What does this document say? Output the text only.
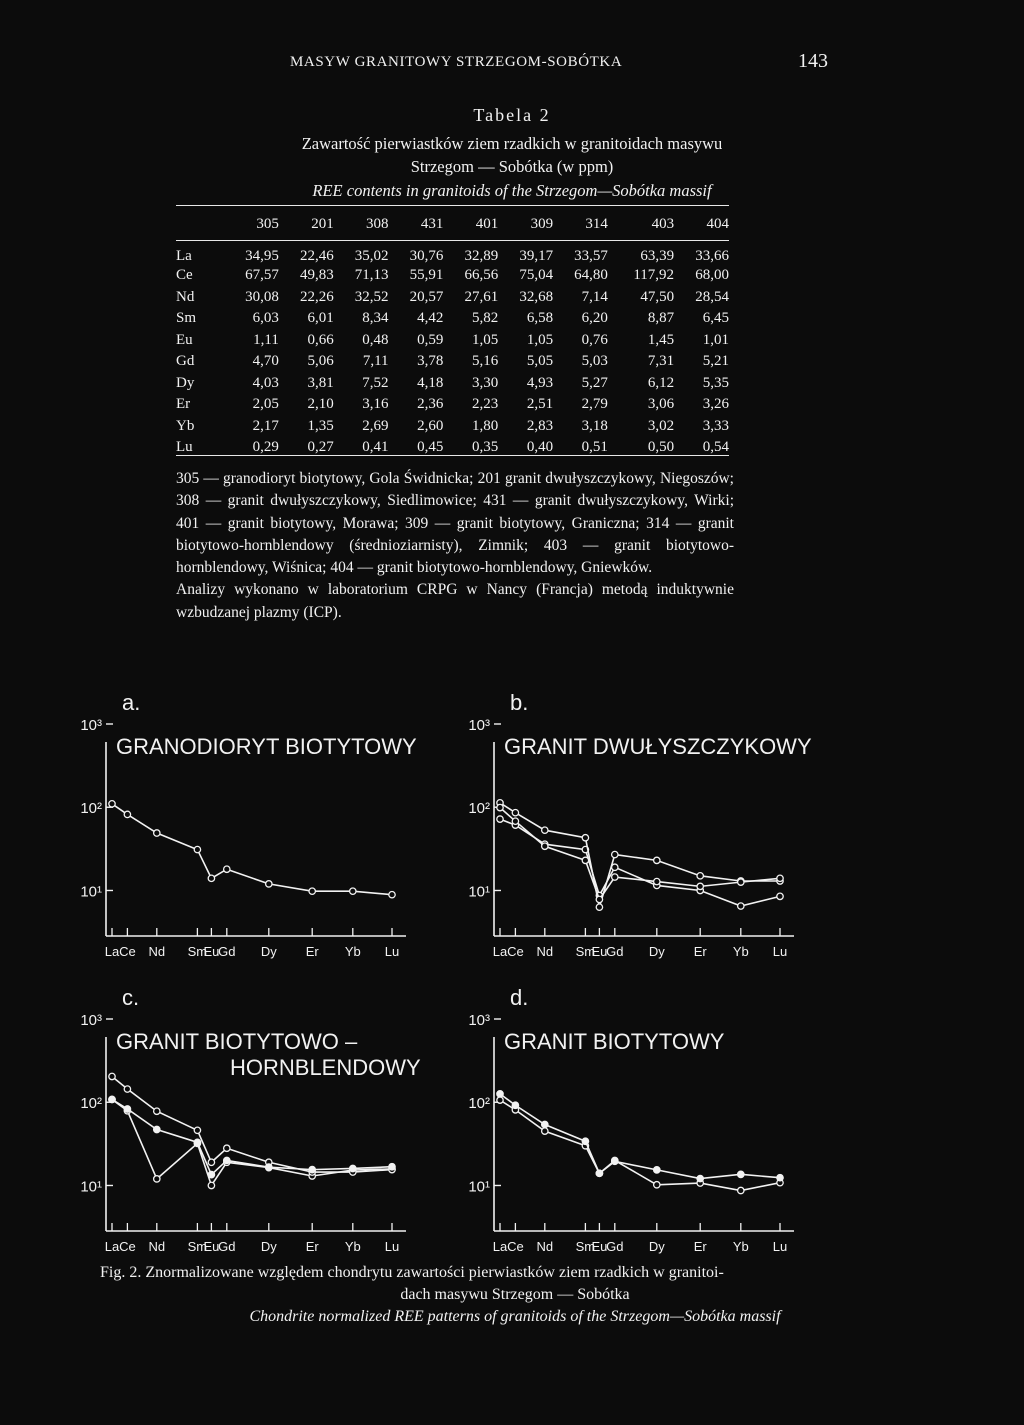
MASYW GRANITOWY STRZEGOM-SOBÓTKA	143
Tabela 2
Zawartość pierwiastków ziem rzadkich w granitoidach masywu
Strzegom — Sobótka (w ppm)
REE contents in granitoids of the Strzegom—Sobótka massif
	305	201	308	431	401	309	314	403	404
La	34,95	22,46	35,02	30,76	32,89	39,17	33,57	63,39	33,66
Ce	67,57	49,83	71,13	55,91	66,56	75,04	64,80	117,92	68,00
Nd	30,08	22,26	32,52	20,57	27,61	32,68	7,14	47,50	28,54
Sm	6,03	6,01	8,34	4,42	5,82	6,58	6,20	8,87	6,45
Eu	1,11	0,66	0,48	0,59	1,05	1,05	0,76	1,45	1,01
Gd	4,70	5,06	7,11	3,78	5,16	5,05	5,03	7,31	5,21
Dy	4,03	3,81	7,52	4,18	3,30	4,93	5,27	6,12	5,35
Er	2,05	2,10	3,16	2,36	2,23	2,51	2,79	3,06	3,26
Yb	2,17	1,35	2,69	2,60	1,80	2,83	3,18	3,02	3,33
Lu	0,29	0,27	0,41	0,45	0,35	0,40	0,51	0,50	0,54

305 — granodioryt biotytowy, Gola Świdnicka; 201 granit dwułyszczykowy, Niegoszów; 308 — granit dwułyszczykowy, Siedlimowice; 431 — granit dwułyszczykowy, Wirki; 401 — granit biotytowy, Morawa; 309 — granit biotytowy, Graniczna; 314 — granit biotytowo-hornblendowy (średnioziarnisty), Zimnik; 403 — granit biotytowo-hornblendowy, Wiśnica; 404 — granit biotytowo-hornblendowy, Gniewków.

Analizy wykonano w laboratorium CRPG w Nancy (Francja) metodą induktywnie wzbudzanej plazmy (ICP).

a.
GRANODIORYT BIOTYTOWY
10³
10²
10¹
La Ce Nd Sm
Eu
Gd Dy Er Yb Lu
b.
GRANIT DWUŁYSZCZYKOWY
10³
10²
10¹
La Ce Nd Sm
Eu
Gd Dy Er Yb Lu
c.
GRANIT BIOTYTOWO –
HORNBLENDOWY
10³
10²
10¹
La Ce Nd Sm
Eu
Gd Dy Er Yb Lu
d.
GRANIT BIOTYTOWY
10³
10²
10¹
La Ce Nd Sm
Eu
Gd Dy Er Yb Lu
Fig. 2. Znormalizowane względem chondrytu zawartości pierwiastków ziem rzadkich w granitoi-
dach masywu Strzegom — Sobótka
Chondrite normalized REE patterns of granitoids of the Strzegom—Sobótka massif
